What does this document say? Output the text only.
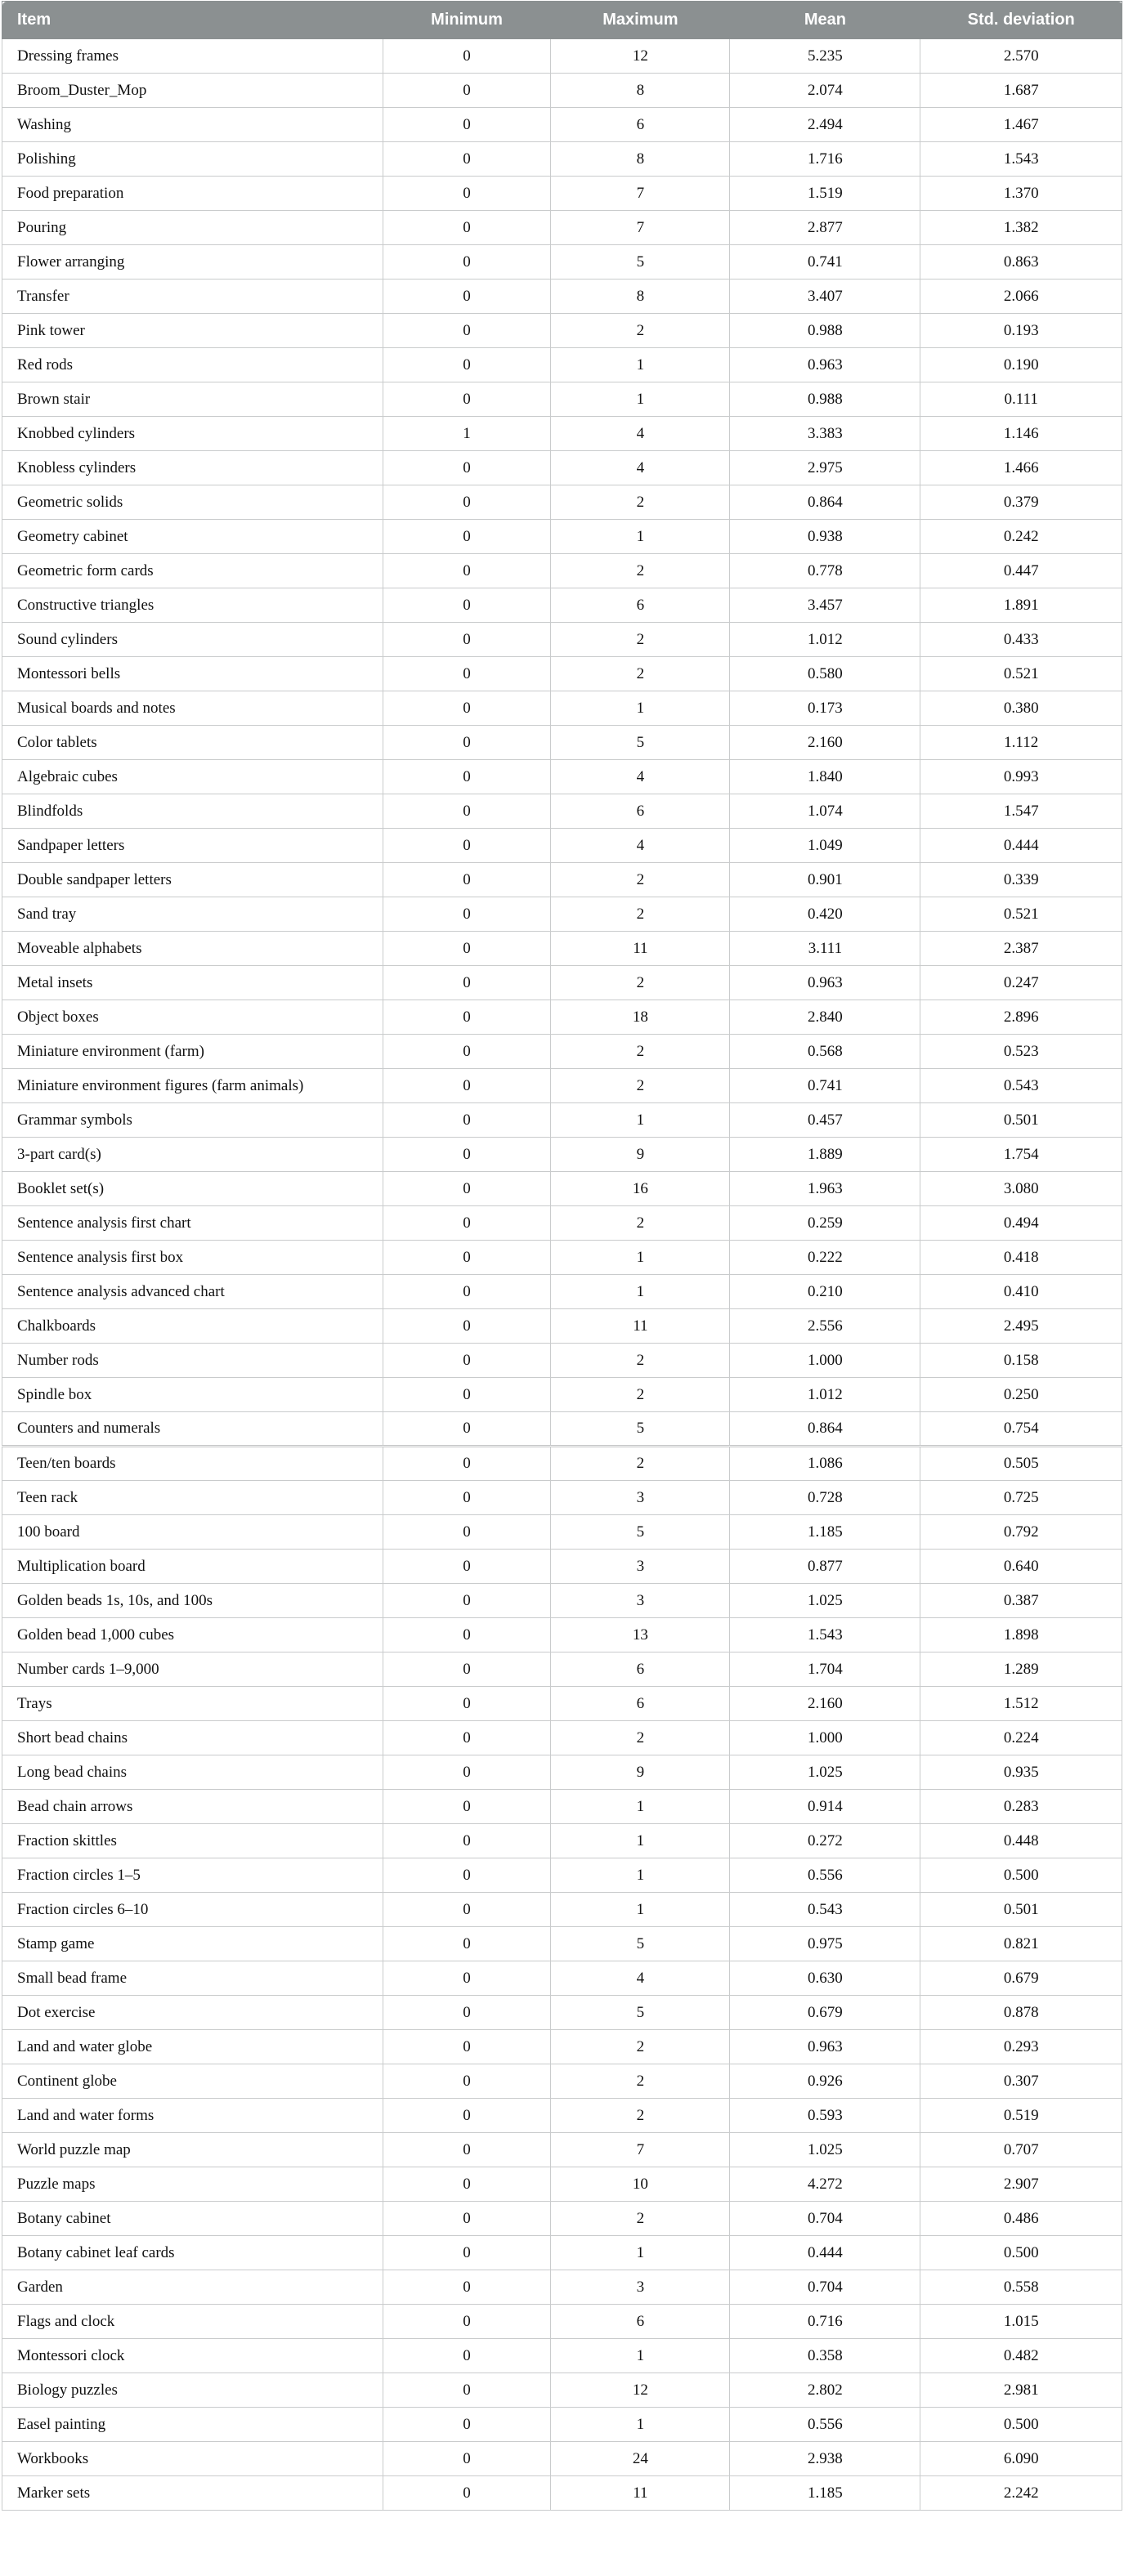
Item	Minimum	Maximum	Mean	Std. deviation
Dressing frames	0	12	5.235	2.570
Broom_Duster_Mop	0	8	2.074	1.687
Washing	0	6	2.494	1.467
Polishing	0	8	1.716	1.543
Food preparation	0	7	1.519	1.370
Pouring	0	7	2.877	1.382
Flower arranging	0	5	0.741	0.863
Transfer	0	8	3.407	2.066
Pink tower	0	2	0.988	0.193
Red rods	0	1	0.963	0.190
Brown stair	0	1	0.988	0.111
Knobbed cylinders	1	4	3.383	1.146
Knobless cylinders	0	4	2.975	1.466
Geometric solids	0	2	0.864	0.379
Geometry cabinet	0	1	0.938	0.242
Geometric form cards	0	2	0.778	0.447
Constructive triangles	0	6	3.457	1.891
Sound cylinders	0	2	1.012	0.433
Montessori bells	0	2	0.580	0.521
Musical boards and notes	0	1	0.173	0.380
Color tablets	0	5	2.160	1.112
Algebraic cubes	0	4	1.840	0.993
Blindfolds	0	6	1.074	1.547
Sandpaper letters	0	4	1.049	0.444
Double sandpaper letters	0	2	0.901	0.339
Sand tray	0	2	0.420	0.521
Moveable alphabets	0	11	3.111	2.387
Metal insets	0	2	0.963	0.247
Object boxes	0	18	2.840	2.896
Miniature environment (farm)	0	2	0.568	0.523
Miniature environment figures (farm animals)	0	2	0.741	0.543
Grammar symbols	0	1	0.457	0.501
3-part card(s)	0	9	1.889	1.754
Booklet set(s)	0	16	1.963	3.080
Sentence analysis first chart	0	2	0.259	0.494
Sentence analysis first box	0	1	0.222	0.418
Sentence analysis advanced chart	0	1	0.210	0.410
Chalkboards	0	11	2.556	2.495
Number rods	0	2	1.000	0.158
Spindle box	0	2	1.012	0.250
Counters and numerals	0	5	0.864	0.754
Teen/ten boards	0	2	1.086	0.505
Teen rack	0	3	0.728	0.725
100 board	0	5	1.185	0.792
Multiplication board	0	3	0.877	0.640
Golden beads 1s, 10s, and 100s	0	3	1.025	0.387
Golden bead 1,000 cubes	0	13	1.543	1.898
Number cards 1–9,000	0	6	1.704	1.289
Trays	0	6	2.160	1.512
Short bead chains	0	2	1.000	0.224
Long bead chains	0	9	1.025	0.935
Bead chain arrows	0	1	0.914	0.283
Fraction skittles	0	1	0.272	0.448
Fraction circles 1–5	0	1	0.556	0.500
Fraction circles 6–10	0	1	0.543	0.501
Stamp game	0	5	0.975	0.821
Small bead frame	0	4	0.630	0.679
Dot exercise	0	5	0.679	0.878
Land and water globe	0	2	0.963	0.293
Continent globe	0	2	0.926	0.307
Land and water forms	0	2	0.593	0.519
World puzzle map	0	7	1.025	0.707
Puzzle maps	0	10	4.272	2.907
Botany cabinet	0	2	0.704	0.486
Botany cabinet leaf cards	0	1	0.444	0.500
Garden	0	3	0.704	0.558
Flags and clock	0	6	0.716	1.015
Montessori clock	0	1	0.358	0.482
Biology puzzles	0	12	2.802	2.981
Easel painting	0	1	0.556	0.500
Workbooks	0	24	2.938	6.090
Marker sets	0	11	1.185	2.242
